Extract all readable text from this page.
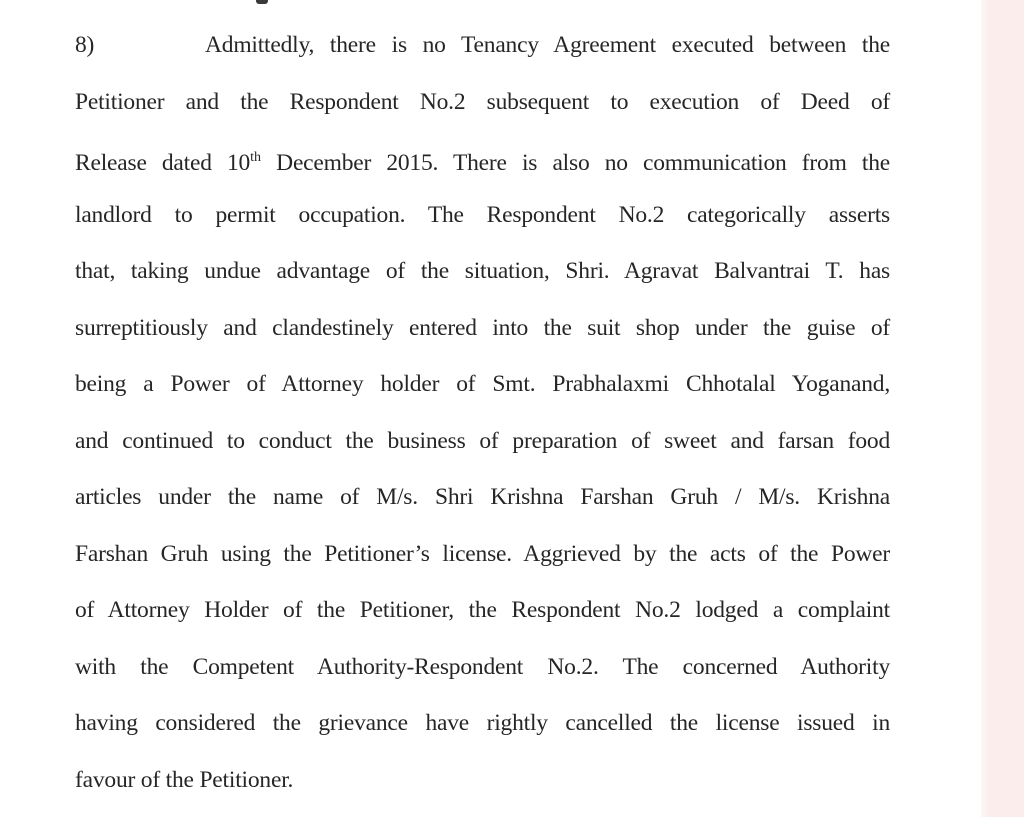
8)	Admittedly, there is no Tenancy Agreement executed between the
Petitioner and the Respondent No.2 subsequent to execution of Deed of
Release dated 10th December 2015. There is also no communication from the
landlord to permit occupation. The Respondent No.2 categorically asserts
that, taking undue advantage of the situation, Shri. Agravat Balvantrai T. has
surreptitiously and clandestinely entered into the suit shop under the guise of
being a Power of Attorney holder of Smt. Prabhalaxmi Chhotalal Yoganand,
and continued to conduct the business of preparation of sweet and farsan food
articles under the name of M/s. Shri Krishna Farshan Gruh / M/s. Krishna
Farshan Gruh using the Petitioner’s license. Aggrieved by the acts of the Power
of Attorney Holder of the Petitioner, the Respondent No.2 lodged a complaint
with the Competent Authority-Respondent No.2. The concerned Authority
having considered the grievance have rightly cancelled the license issued in
favour of the Petitioner.
